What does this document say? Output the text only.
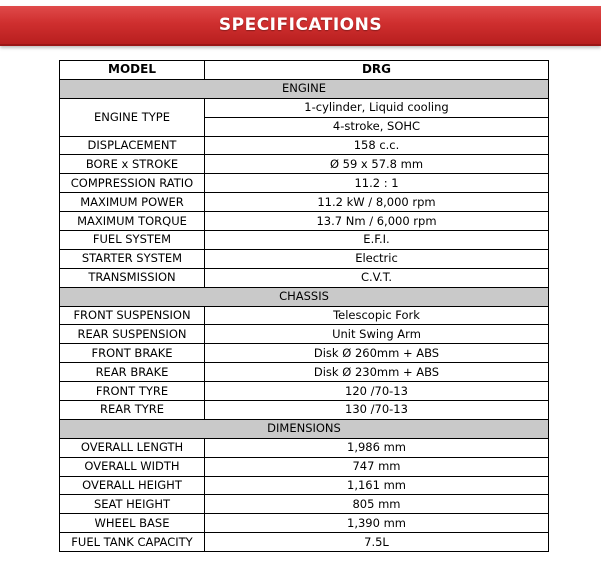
SPECIFICATIONS
MODEL	DRG
ENGINE	
ENGINE TYPE	1-cylinder, Liquid cooling
	4-stroke, SOHC
DISPLACEMENT	158 c.c.
BORE x STROKE	Ø 59 x 57.8 mm
COMPRESSION RATIO	11.2 : 1
MAXIMUM POWER	11.2 kW / 8,000 rpm
MAXIMUM TORQUE	13.7 Nm / 6,000 rpm
FUEL SYSTEM	E.F.I.
STARTER SYSTEM	Electric
TRANSMISSION	C.V.T.
CHASSIS	
FRONT SUSPENSION	Telescopic Fork
REAR SUSPENSION	Unit Swing Arm
FRONT BRAKE	Disk Ø 260mm + ABS
REAR BRAKE	Disk Ø 230mm + ABS
FRONT TYRE	120 /70-13
REAR TYRE	130 /70-13
DIMENSIONS	
OVERALL LENGTH	1,986 mm
OVERALL WIDTH	747 mm
OVERALL HEIGHT	1,161 mm
SEAT HEIGHT	805 mm
WHEEL BASE	1,390 mm
FUEL TANK CAPACITY	7.5L
